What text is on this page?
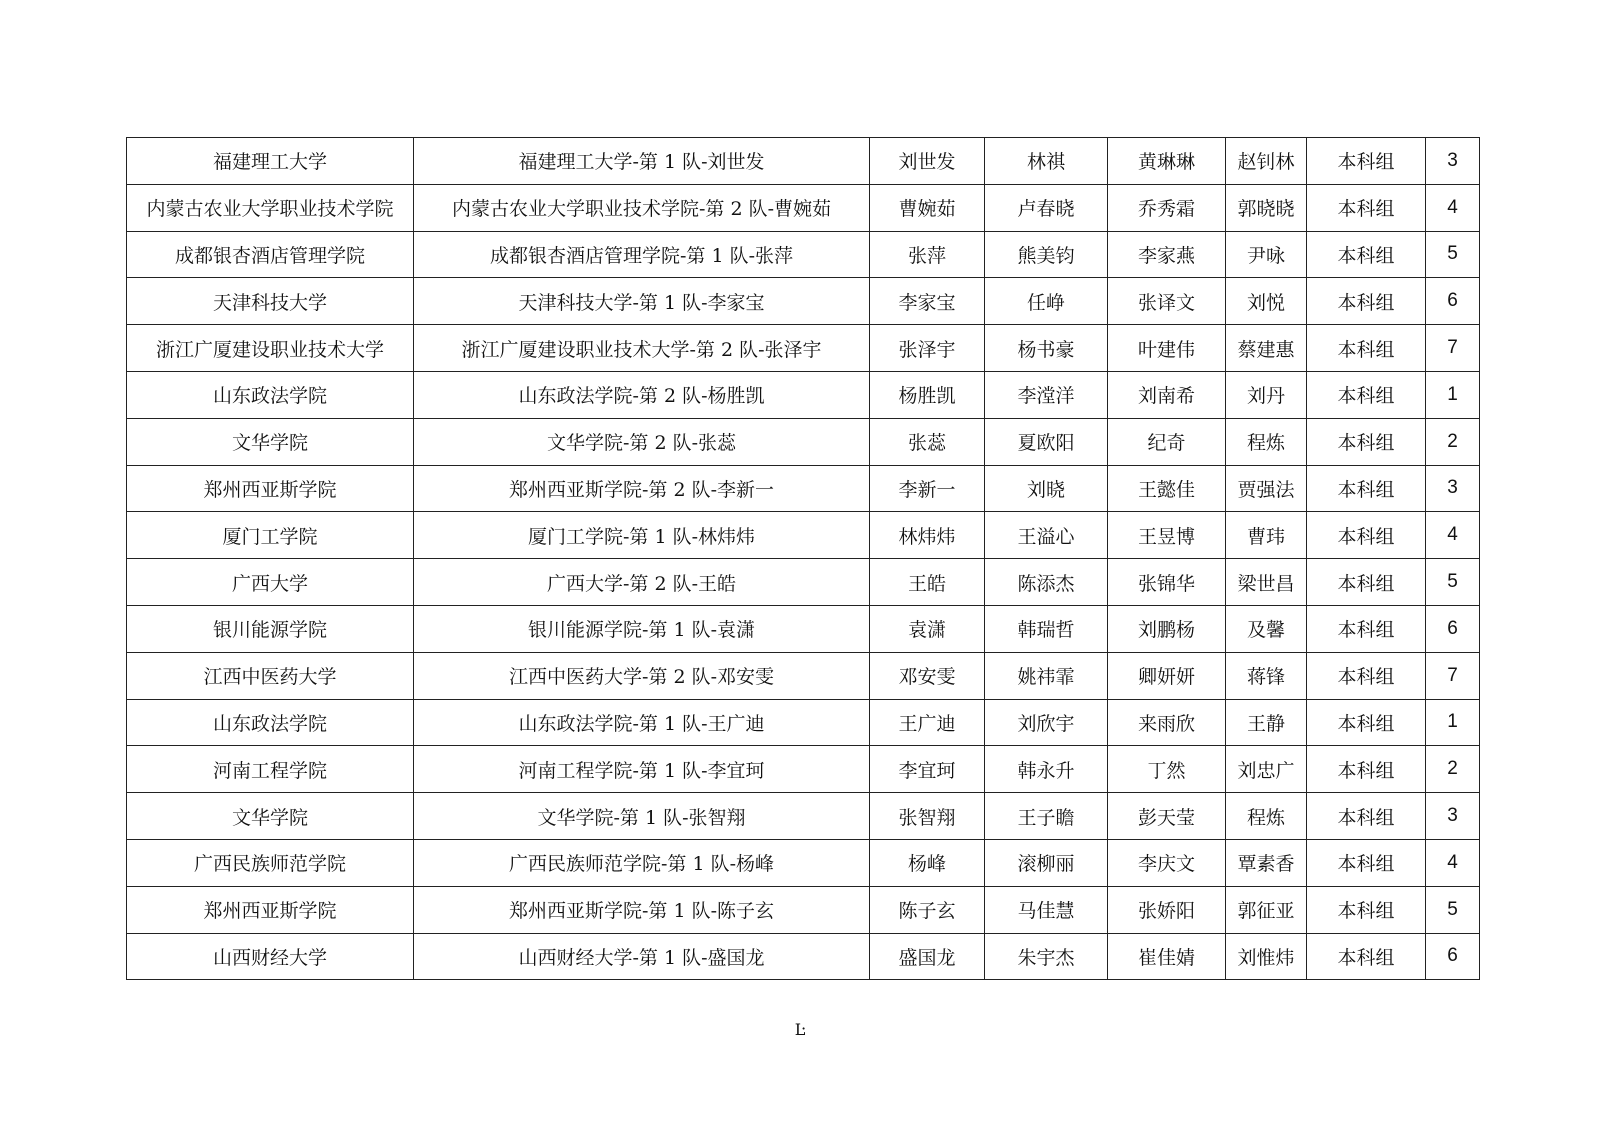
福建理工大学	福建理工大学-第 1 队-刘世发	刘世发	林祺	黄琳琳	赵钊林	本科组	3
内蒙古农业大学职业技术学院	内蒙古农业大学职业技术学院-第 2 队-曹婉茹	曹婉茹	卢春晓	乔秀霜	郭晓晓	本科组	4
成都银杏酒店管理学院	成都银杏酒店管理学院-第 1 队-张萍	张萍	熊美钧	李家燕	尹咏	本科组	5
天津科技大学	天津科技大学-第 1 队-李家宝	李家宝	任峥	张译文	刘悦	本科组	6
浙江广厦建设职业技术大学	浙江广厦建设职业技术大学-第 2 队-张泽宇	张泽宇	杨书豪	叶建伟	蔡建惠	本科组	7
山东政法学院	山东政法学院-第 2 队-杨胜凯	杨胜凯	李漟洋	刘南希	刘丹	本科组	1
文华学院	文华学院-第 2 队-张蕊	张蕊	夏欧阳	纪奇	程炼	本科组	2
郑州西亚斯学院	郑州西亚斯学院-第 2 队-李新一	李新一	刘晓	王懿佳	贾强法	本科组	3
厦门工学院	厦门工学院-第 1 队-林炜炜	林炜炜	王溢心	王昱博	曹玮	本科组	4
广西大学	广西大学-第 2 队-王皓	王皓	陈添杰	张锦华	梁世昌	本科组	5
银川能源学院	银川能源学院-第 1 队-袁潇	袁潇	韩瑞哲	刘鹏杨	及馨	本科组	6
江西中医药大学	江西中医药大学-第 2 队-邓安雯	邓安雯	姚祎霏	卿妍妍	蒋锋	本科组	7
山东政法学院	山东政法学院-第 1 队-王广迪	王广迪	刘欣宇	来雨欣	王静	本科组	1
河南工程学院	河南工程学院-第 1 队-李宜珂	李宜珂	韩永升	丁然	刘忠广	本科组	2
文华学院	文华学院-第 1 队-张智翔	张智翔	王子瞻	彭天莹	程炼	本科组	3
广西民族师范学院	广西民族师范学院-第 1 队-杨峰	杨峰	滚柳丽	李庆文	覃素香	本科组	4
郑州西亚斯学院	郑州西亚斯学院-第 1 队-陈子玄	陈子玄	马佳慧	张娇阳	郭征亚	本科组	5
山西财经大学	山西财经大学-第 1 队-盛国龙	盛国龙	朱宇杰	崔佳婧	刘惟炜	本科组	6
Ŀ
